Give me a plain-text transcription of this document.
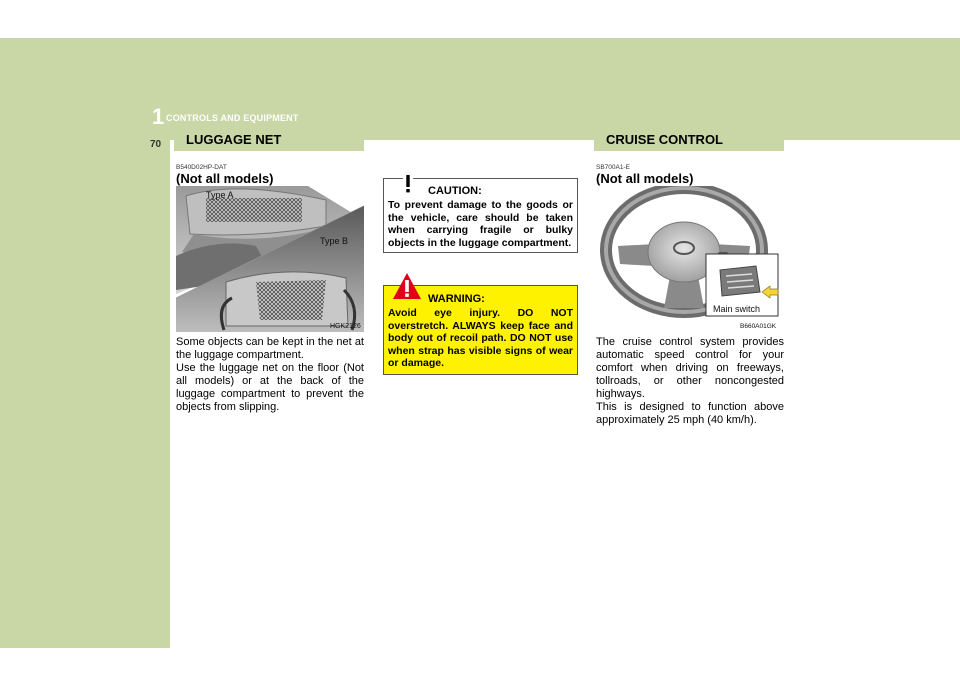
1 CONTROLS AND EQUIPMENT
70 LUGGAGE NET	CRUISE CONTROL
B540D02HP-DAT
(Not all models)
Type A
Type B
HGK2126

Some objects can be kept in the net at the luggage compartment.

Use the luggage net on the floor (Not all models) or at the back of the luggage compartment to prevent the objects from slipping.

CAUTION:

To prevent damage to the goods or the vehicle, care should be taken when carrying fragile or bulky objects in the luggage compartment.

WARNING:

Avoid eye injury. DO NOT overstretch. ALWAYS keep face and body out of recoil path. DO NOT use when strap has visible signs of wear or damage.

SB700A1-E
(Not all models)
Main switch
B660A01GK

The cruise control system provides automatic speed control for your comfort when driving on freeways, tollroads, or other noncongested highways.

This is designed to function above approximately 25 mph (40 km/h).
